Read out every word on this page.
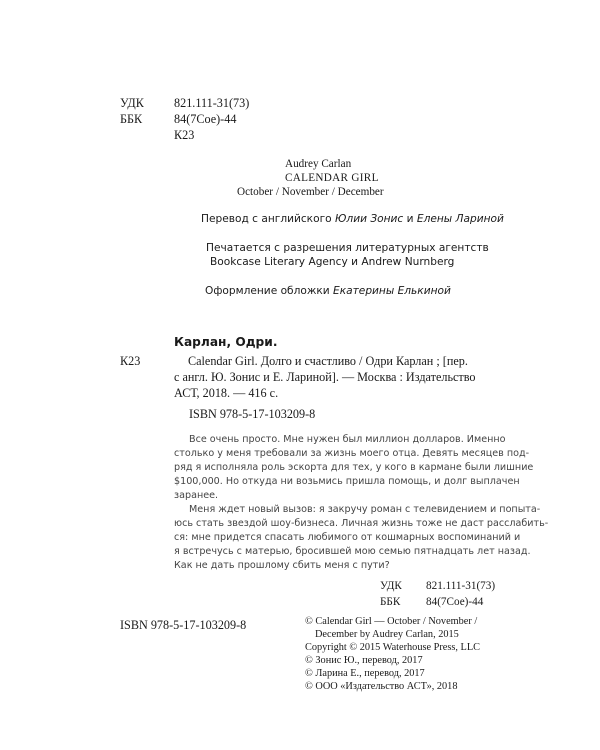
УДК 821.111-31(73)
ББК	84(7Сое)-44
К23
Audrey Carlan
CALENDAR GIRL
October / November / December
Перевод с английского Юлии Зонис и Елены Лариной
Печатается с разрешения литературных агентств
Bookcase Literary Agency и Andrew Nurnberg
Оформление обложки Екатерины Елькиной
Карлан, Одри.
К23	Calendar Girl. Долго и счастливо / Одри Карлан ; [пер.
с англ. Ю. Зонис и Е. Лариной]. — Москва : Издательство
АСТ, 2018. — 416 с.
ISBN 978-5-17-103209-8
Все очень просто. Мне нужен был миллион долларов. Именно
столько у меня требовали за жизнь моего отца. Девять месяцев под-
ряд я исполняла роль эскорта для тех, у кого в кармане были лишние
$100,000. Но откуда ни возьмись пришла помощь, и долг выплачен
заранее.
Меня ждет новый вызов: я закручу роман с телевидением и попыта-
юсь стать звездой шоу-бизнеса. Личная жизнь тоже не даст расслабить-
ся: мне придется спасать любимого от кошмарных воспоминаний и
я встречусь с матерью, бросившей мою семью пятнадцать лет назад.
Как не дать прошлому сбить меня с пути?
УДК 821.111-31(73)
ББК 84(7Сое)-44
ISBN 978-5-17-103209-8	© Calendar Girl — October / November /
December by Audrey Carlan, 2015
Copyright © 2015 Waterhouse Press, LLC
© Зонис Ю., перевод, 2017
© Ларина Е., перевод, 2017
© ООО «Издательство АСТ», 2018
